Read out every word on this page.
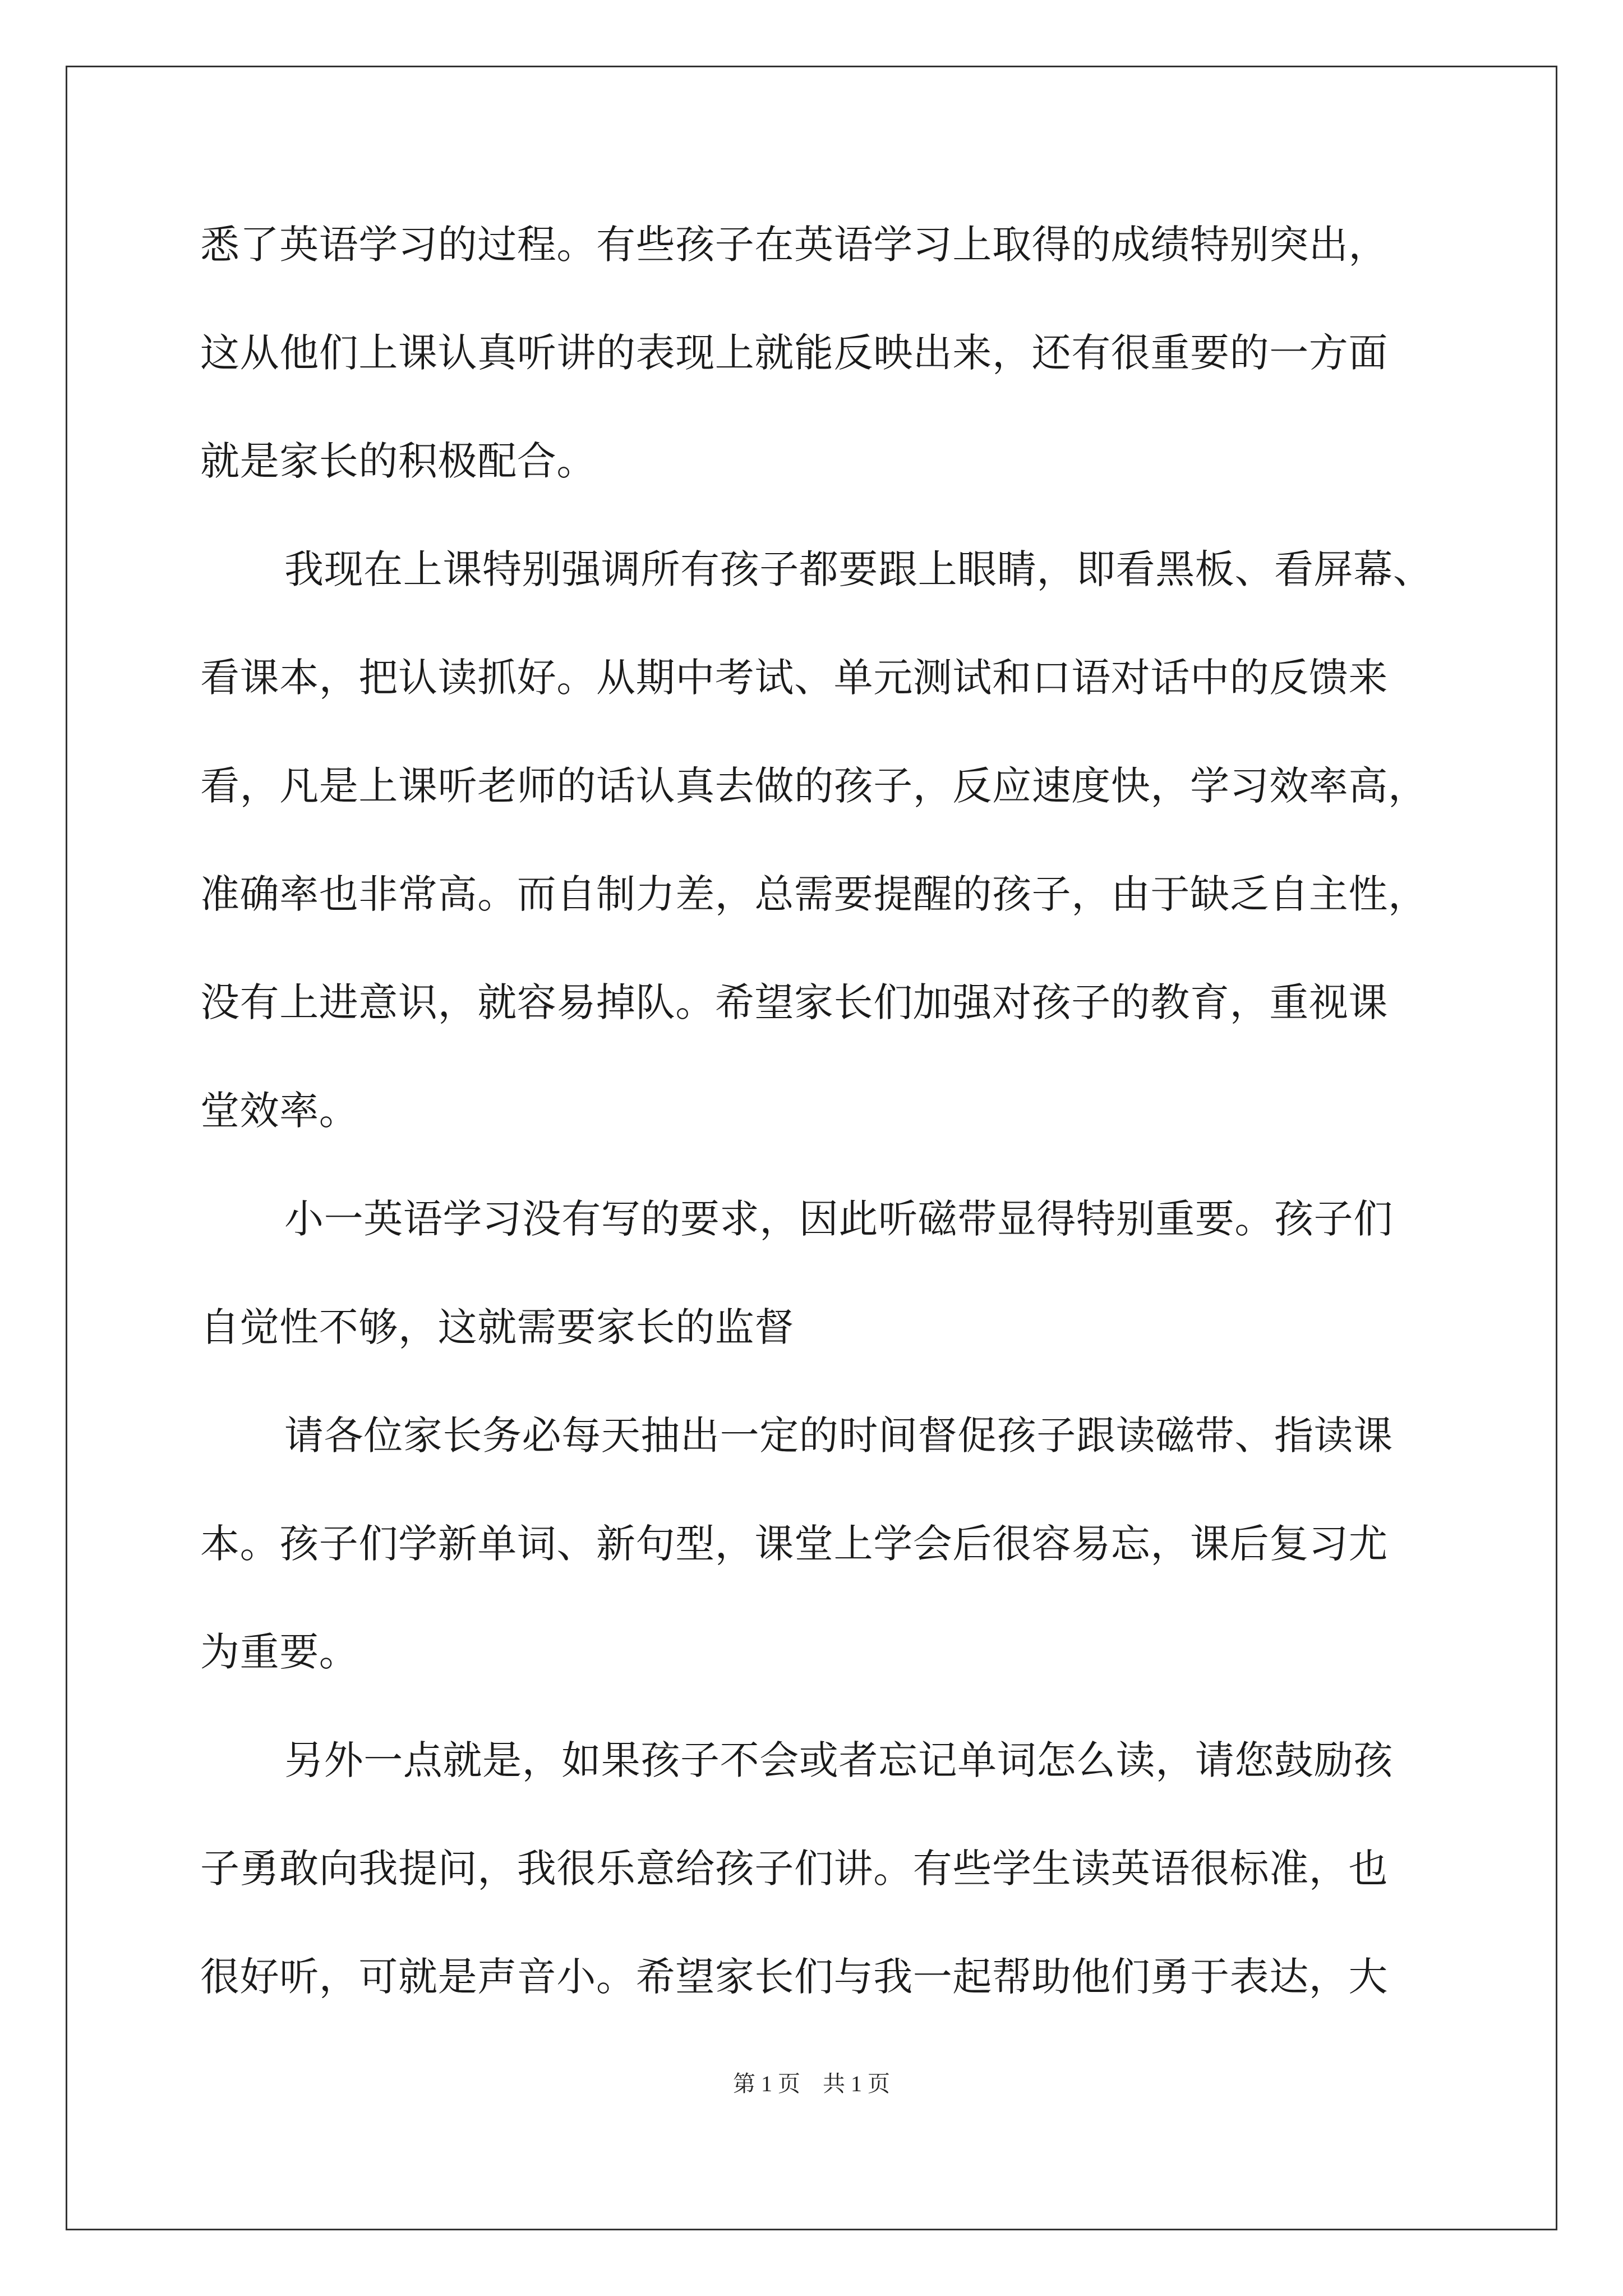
悉了英语学习的过程。有些孩子在英语学习上取得的成绩特别突出，
这从他们上课认真听讲的表现上就能反映出来，还有很重要的一方面
就是家长的积极配合。
我现在上课特别强调所有孩子都要跟上眼睛，即看黑板、看屏幕、
看课本，把认读抓好。从期中考试、单元测试和口语对话中的反馈来
看，凡是上课听老师的话认真去做的孩子，反应速度快，学习效率高，
准确率也非常高。而自制力差，总需要提醒的孩子，由于缺乏自主性，
没有上进意识，就容易掉队。希望家长们加强对孩子的教育，重视课
堂效率。
小一英语学习没有写的要求，因此听磁带显得特别重要。孩子们
自觉性不够，这就需要家长的监督
请各位家长务必每天抽出一定的时间督促孩子跟读磁带、指读课
本。孩子们学新单词、新句型，课堂上学会后很容易忘，课后复习尤
为重要。
另外一点就是，如果孩子不会或者忘记单词怎么读，请您鼓励孩
子勇敢向我提问，我很乐意给孩子们讲。有些学生读英语很标准，也
很好听，可就是声音小。希望家长们与我一起帮助他们勇于表达，大
第 1 页　共 1 页
